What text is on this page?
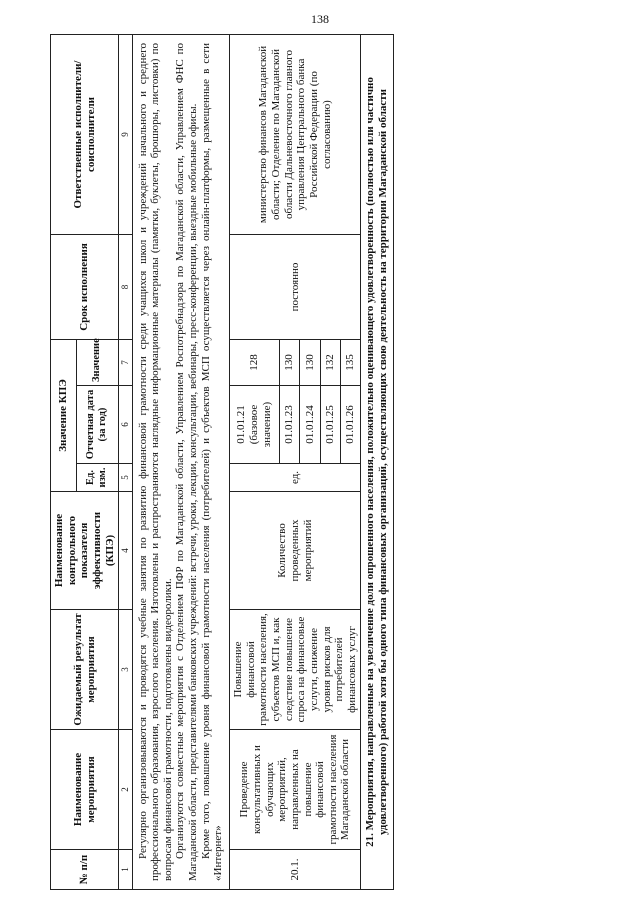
138
№ п/п	Наименование мероприятия	Ожидаемый результат мероприятия	Наименование контрольного показателя эффективности (КПЭ)	Значение КПЭ			Срок исполнения	Ответственные исполнители/ соисполнители
				Ед. изм.	Отчетная дата (за год)	Значение		
1	2	3	4	5	6	7	8	9

Регулярно организовываются и проводятся учебные занятия по развитию финансовой грамотности среди учащихся школ и учреждений начального и среднего профессионального образования, взрослого населения. Изготовлены и распространяются наглядные информационные материалы (памятки, буклеты, брошюры, листовки) по вопросам финансовой грамотности, подготовлены видеоролики. Организуются совместные мероприятия с Отделением ПФР по Магаданской области, Управлением Роспотребнадзора по Магаданской области, Управлением ФНС по Магаданской области, представителями банковских учреждений: встречи, уроки, лекции, консультации, вебинары, пресс-конференции, выездные мобильные офисы. Кроме того, повышение уровня финансовой грамотности населения (потребителей) и субъектов МСП осуществляется через онлайн-платформы, размещенные в сети «Интернет»								

20.1.	Проведение консультативных и обучающих мероприятий, направленных на повышение финансовой грамотности населения Магаданской области	Повышение финансовой грамотности населения, субъектов МСП и, как следствие повышение спроса на финансовые услуги, снижение уровня рисков для потребителей финансовых услуг	Количество проведенных мероприятий	ед.	01.01.21 (базовое значение)	128	постоянно	министерство финансов Магаданской области; Отделение по Магаданской области Дальневосточного главного управления Центрального банка Российской Федерации (по согласованию)
					01.01.23	130		
					01.01.24	130		
					01.01.25	132		
					01.01.26	135		
21. Мероприятия, направленные на увеличение доли опрошенного населения, положительно оценивающего удовлетворенность (полностью или частично удовлетворенного) работой хотя бы одного типа финансовых организаций, осуществляющих свою деятельность на территории Магаданской области								
